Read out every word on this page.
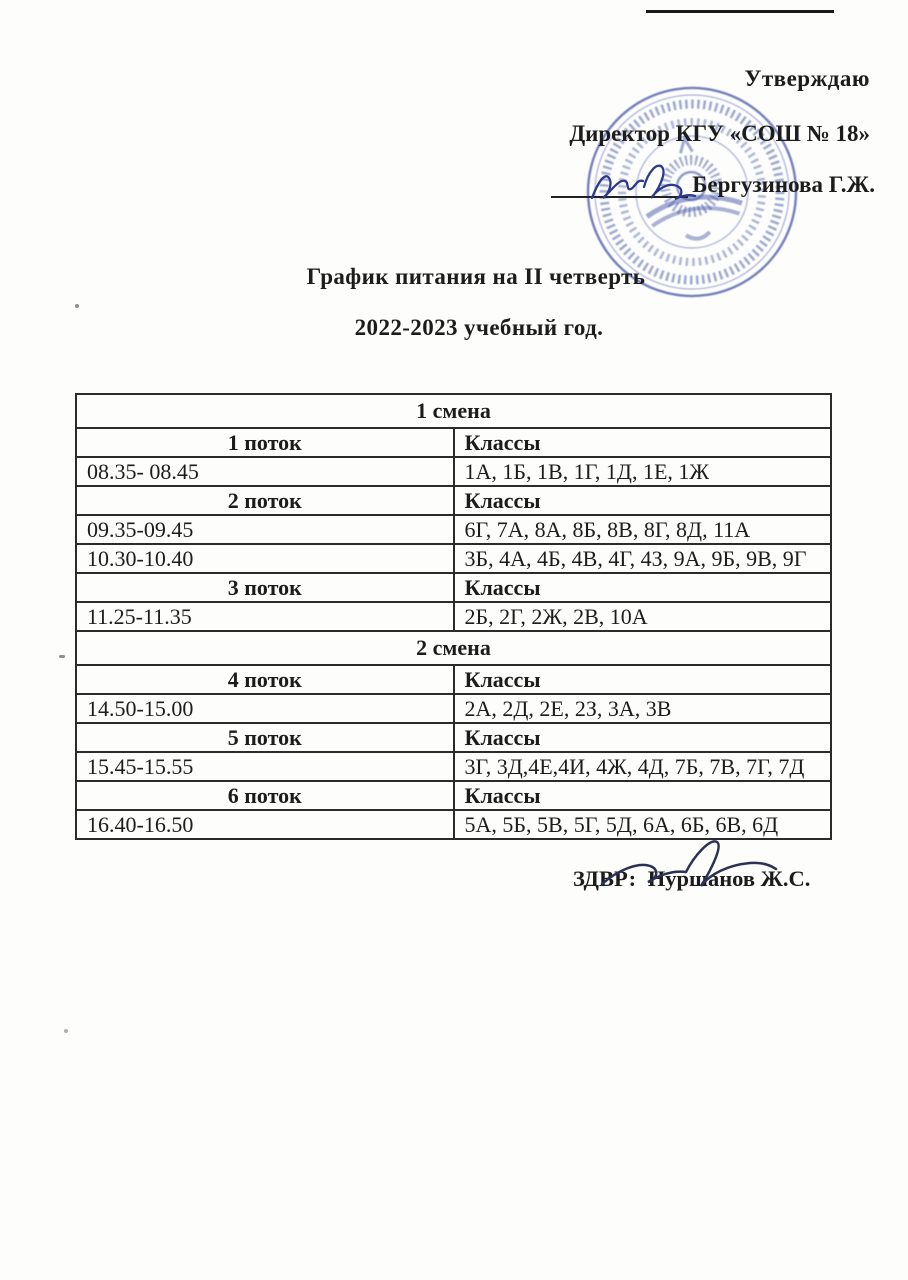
Утверждаю
Директор КГУ «СОШ № 18»
Бергузинова Г.Ж.
График питания на II четверть
2022-2023 учебный год.
1 смена	
1 поток	Классы
08.35- 08.45	1А, 1Б, 1В, 1Г, 1Д, 1Е, 1Ж
2 поток	Классы
09.35-09.45	6Г, 7А, 8А, 8Б, 8В, 8Г, 8Д, 11А
10.30-10.40	3Б, 4А, 4Б, 4В, 4Г, 4З, 9А, 9Б, 9В, 9Г
3 поток	Классы
11.25-11.35	2Б, 2Г, 2Ж, 2В, 10А
2 смена	
4 поток	Классы
14.50-15.00	2А, 2Д, 2Е, 2З, 3А, 3В
5 поток	Классы
15.45-15.55	3Г, 3Д,4Е,4И, 4Ж, 4Д, 7Б, 7В, 7Г, 7Д
6 поток	Классы
16.40-16.50	5А, 5Б, 5В, 5Г, 5Д, 6А, 6Б, 6В, 6Д
ЗДВР: Нуршанов Ж.С.
